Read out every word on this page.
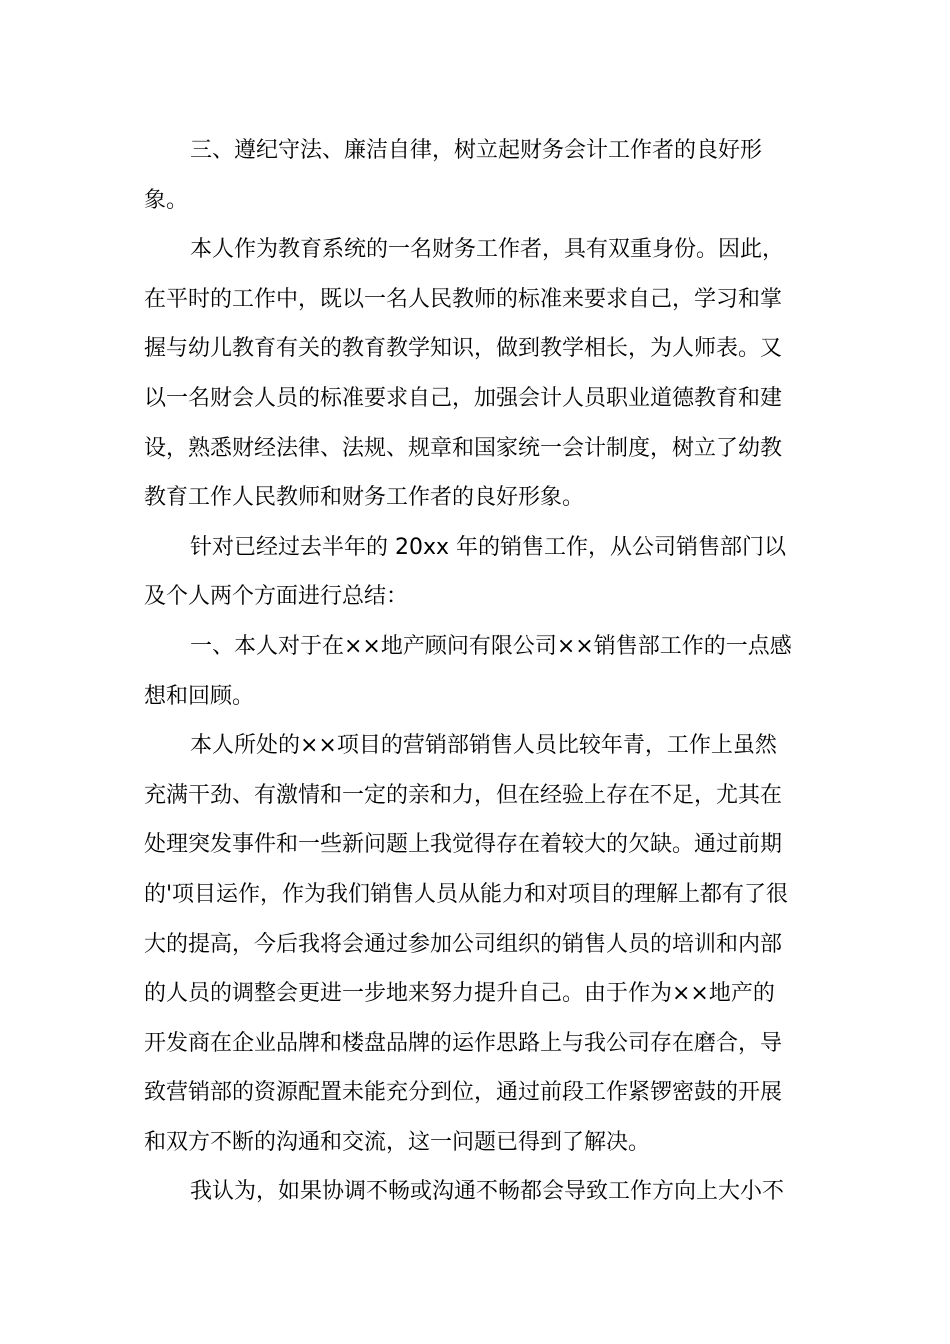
三、遵纪守法、廉洁自律，树立起财务会计工作者的良好形
象。
本人作为教育系统的一名财务工作者，具有双重身份。因此，
在平时的工作中，既以一名人民教师的标准来要求自己，学习和掌
握与幼儿教育有关的教育教学知识，做到教学相长，为人师表。又
以一名财会人员的标准要求自己，加强会计人员职业道德教育和建
设，熟悉财经法律、法规、规章和国家统一会计制度，树立了幼教
教育工作人民教师和财务工作者的良好形象。
针对已经过去半年的 20xx 年的销售工作，从公司销售部门以
及个人两个方面进行总结：
一、本人对于在××地产顾问有限公司××销售部工作的一点感
想和回顾。
本人所处的××项目的营销部销售人员比较年青，工作上虽然
充满干劲、有激情和一定的亲和力，但在经验上存在不足，尤其在
处理突发事件和一些新问题上我觉得存在着较大的欠缺。通过前期
的'项目运作，作为我们销售人员从能力和对项目的理解上都有了很
大的提高，今后我将会通过参加公司组织的销售人员的培训和内部
的人员的调整会更进一步地来努力提升自己。由于作为××地产的
开发商在企业品牌和楼盘品牌的运作思路上与我公司存在磨合，导
致营销部的资源配置未能充分到位，通过前段工作紧锣密鼓的开展
和双方不断的沟通和交流，这一问题已得到了解决。
我认为，如果协调不畅或沟通不畅都会导致工作方向上大小不
